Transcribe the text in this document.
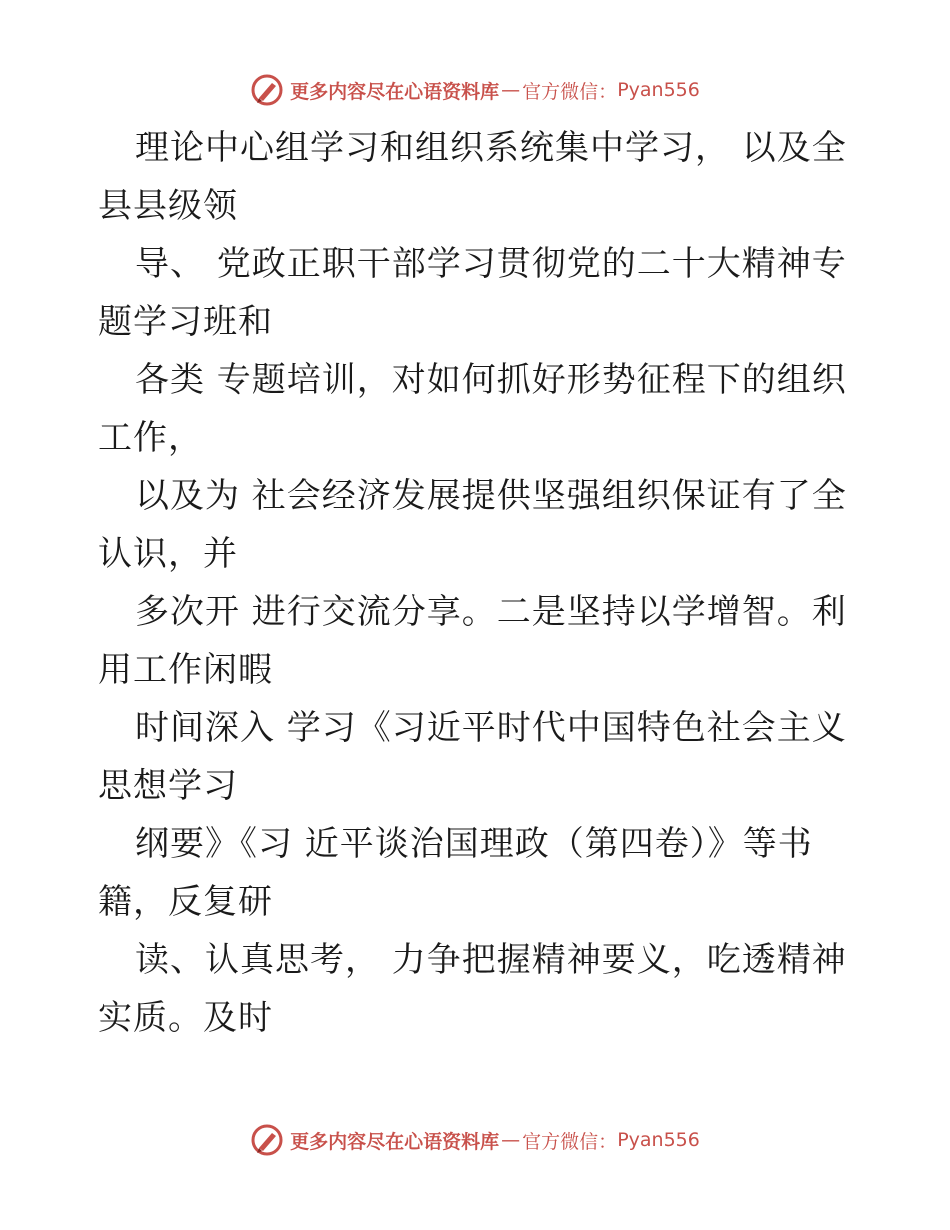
更多内容尽在心语资料库 — 官方微信： Pyan556
理论中心组学习和组织系统集中学习， 以及全
县县级领
导、 党政正职干部学习贯彻党的二十大精神专
题学习班和
各类 专题培训，对如何抓好形势征程下的组织
工作，
以及为 社会经济发展提供坚强组织保证有了全
认识，并
多次开 进行交流分享。二是坚持以学增智。利
用工作闲暇
时间深入 学习《习近平时代中国特色社会主义
思想学习
纲要》《习 近平谈治国理政（第四卷）》等书
籍，反复研
读、认真思考， 力争把握精神要义，吃透精神
实质。及时
更多内容尽在心语资料库 — 官方微信： Pyan556
